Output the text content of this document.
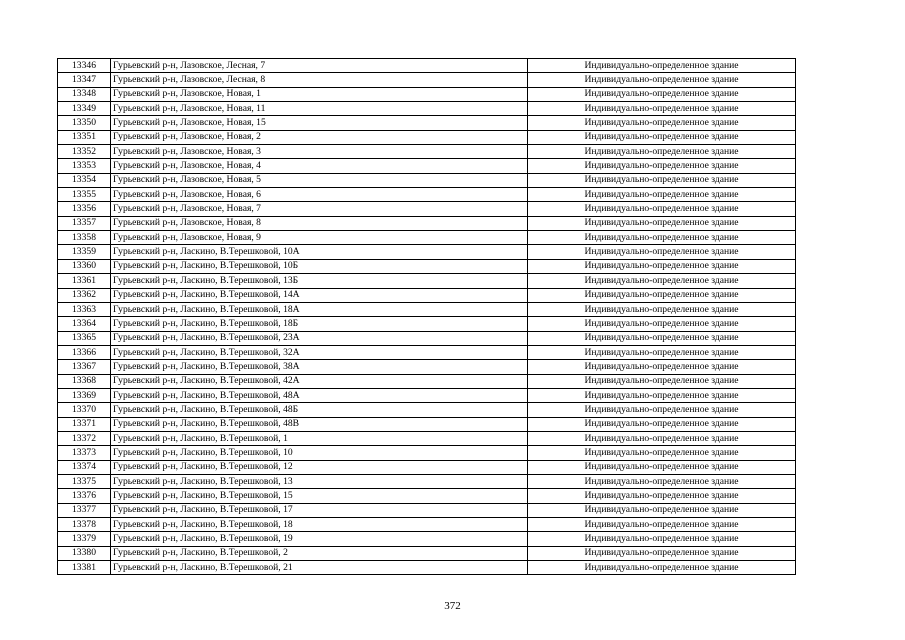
13346	Гурьевский р-н, Лазовское, Лесная, 7	Индивидуально-определенное здание
13347	Гурьевский р-н, Лазовское, Лесная, 8	Индивидуально-определенное здание
13348	Гурьевский р-н, Лазовское, Новая, 1	Индивидуально-определенное здание
13349	Гурьевский р-н, Лазовское, Новая, 11	Индивидуально-определенное здание
13350	Гурьевский р-н, Лазовское, Новая, 15	Индивидуально-определенное здание
13351	Гурьевский р-н, Лазовское, Новая, 2	Индивидуально-определенное здание
13352	Гурьевский р-н, Лазовское, Новая, 3	Индивидуально-определенное здание
13353	Гурьевский р-н, Лазовское, Новая, 4	Индивидуально-определенное здание
13354	Гурьевский р-н, Лазовское, Новая, 5	Индивидуально-определенное здание
13355	Гурьевский р-н, Лазовское, Новая, 6	Индивидуально-определенное здание
13356	Гурьевский р-н, Лазовское, Новая, 7	Индивидуально-определенное здание
13357	Гурьевский р-н, Лазовское, Новая, 8	Индивидуально-определенное здание
13358	Гурьевский р-н, Лазовское, Новая, 9	Индивидуально-определенное здание
13359	Гурьевский р-н, Ласкино, В.Терешковой, 10А	Индивидуально-определенное здание
13360	Гурьевский р-н, Ласкино, В.Терешковой, 10Б	Индивидуально-определенное здание
13361	Гурьевский р-н, Ласкино, В.Терешковой, 13Б	Индивидуально-определенное здание
13362	Гурьевский р-н, Ласкино, В.Терешковой, 14А	Индивидуально-определенное здание
13363	Гурьевский р-н, Ласкино, В.Терешковой, 18А	Индивидуально-определенное здание
13364	Гурьевский р-н, Ласкино, В.Терешковой, 18Б	Индивидуально-определенное здание
13365	Гурьевский р-н, Ласкино, В.Терешковой, 23А	Индивидуально-определенное здание
13366	Гурьевский р-н, Ласкино, В.Терешковой, 32А	Индивидуально-определенное здание
13367	Гурьевский р-н, Ласкино, В.Терешковой, 38А	Индивидуально-определенное здание
13368	Гурьевский р-н, Ласкино, В.Терешковой, 42А	Индивидуально-определенное здание
13369	Гурьевский р-н, Ласкино, В.Терешковой, 48А	Индивидуально-определенное здание
13370	Гурьевский р-н, Ласкино, В.Терешковой, 48Б	Индивидуально-определенное здание
13371	Гурьевский р-н, Ласкино, В.Терешковой, 48В	Индивидуально-определенное здание
13372	Гурьевский р-н, Ласкино, В.Терешковой, 1	Индивидуально-определенное здание
13373	Гурьевский р-н, Ласкино, В.Терешковой, 10	Индивидуально-определенное здание
13374	Гурьевский р-н, Ласкино, В.Терешковой, 12	Индивидуально-определенное здание
13375	Гурьевский р-н, Ласкино, В.Терешковой, 13	Индивидуально-определенное здание
13376	Гурьевский р-н, Ласкино, В.Терешковой, 15	Индивидуально-определенное здание
13377	Гурьевский р-н, Ласкино, В.Терешковой, 17	Индивидуально-определенное здание
13378	Гурьевский р-н, Ласкино, В.Терешковой, 18	Индивидуально-определенное здание
13379	Гурьевский р-н, Ласкино, В.Терешковой, 19	Индивидуально-определенное здание
13380	Гурьевский р-н, Ласкино, В.Терешковой, 2	Индивидуально-определенное здание
13381	Гурьевский р-н, Ласкино, В.Терешковой, 21	Индивидуально-определенное здание
372
